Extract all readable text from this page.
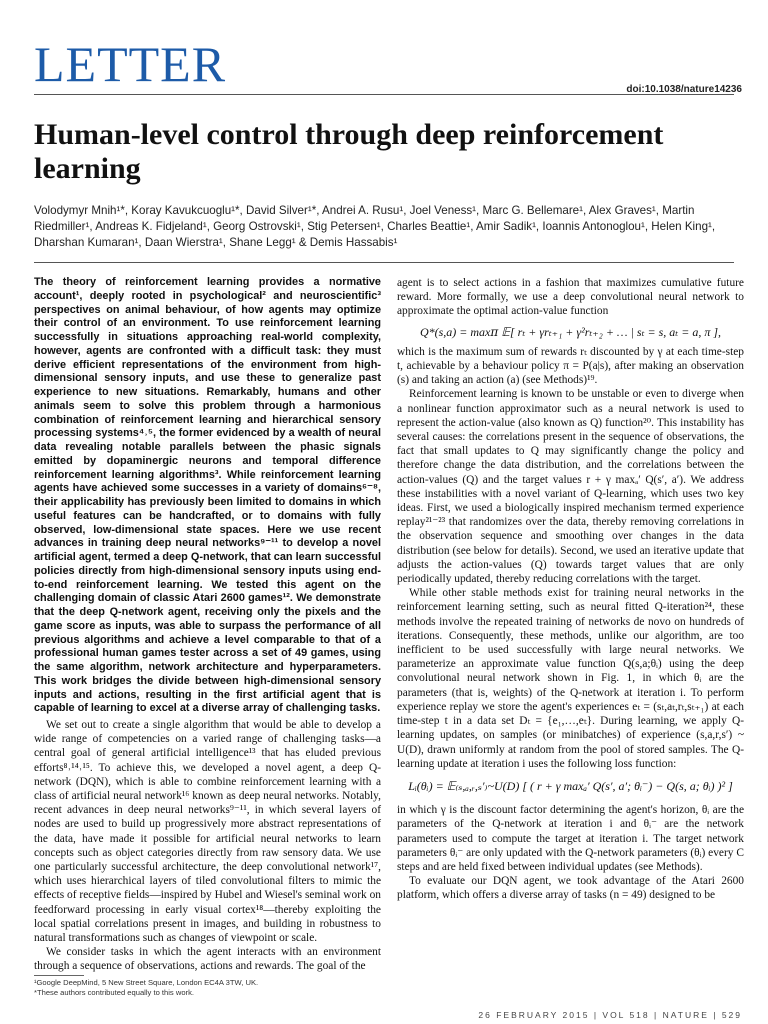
LETTER	doi:10.1038/nature14236
Human-level control through deep reinforcement learning
Volodymyr Mnih¹*, Koray Kavukcuoglu¹*, David Silver¹*, Andrei A. Rusu¹, Joel Veness¹, Marc G. Bellemare¹, Alex Graves¹, Martin Riedmiller¹, Andreas K. Fidjeland¹, Georg Ostrovski¹, Stig Petersen¹, Charles Beattie¹, Amir Sadik¹, Ioannis Antonoglou¹, Helen King¹, Dharshan Kumaran¹, Daan Wierstra¹, Shane Legg¹ & Demis Hassabis¹

The theory of reinforcement learning provides a normative account¹, deeply rooted in psychological² and neuroscientific³ perspectives on animal behaviour, of how agents may optimize their control of an environment. To use reinforcement learning successfully in situations approaching real-world complexity, however, agents are confronted with a difficult task: they must derive efficient representations of the environment from high-dimensional sensory inputs, and use these to generalize past experience to new situations. Remarkably, humans and other animals seem to solve this problem through a harmonious combination of reinforcement learning and hierarchical sensory processing systems⁴˒⁵, the former evidenced by a wealth of neural data revealing notable parallels between the phasic signals emitted by dopaminergic neurons and temporal difference reinforcement learning algorithms³. While reinforcement learning agents have achieved some successes in a variety of domains⁶⁻⁸, their applicability has previously been limited to domains in which useful features can be handcrafted, or to domains with fully observed, low-dimensional state spaces. Here we use recent advances in training deep neural networks⁹⁻¹¹ to develop a novel artificial agent, termed a deep Q-network, that can learn successful policies directly from high-dimensional sensory inputs using end-to-end reinforcement learning. We tested this agent on the challenging domain of classic Atari 2600 games¹². We demonstrate that the deep Q-network agent, receiving only the pixels and the game score as inputs, was able to surpass the performance of all previous algorithms and achieve a level comparable to that of a professional human games tester across a set of 49 games, using the same algorithm, network architecture and hyperparameters. This work bridges the divide between high-dimensional sensory inputs and actions, resulting in the first artificial agent that is capable of learning to excel at a diverse array of challenging tasks.

We set out to create a single algorithm that would be able to develop a wide range of competencies on a varied range of challenging tasks—a central goal of general artificial intelligence¹³ that has eluded previous efforts⁸˒¹⁴˒¹⁵. To achieve this, we developed a novel agent, a deep Q-network (DQN), which is able to combine reinforcement learning with a class of artificial neural network¹⁶ known as deep neural networks. Notably, recent advances in deep neural networks⁹⁻¹¹, in which several layers of nodes are used to build up progressively more abstract representations of the data, have made it possible for artificial neural networks to learn concepts such as object categories directly from raw sensory data. We use one particularly successful architecture, the deep convolutional network¹⁷, which uses hierarchical layers of tiled convolutional filters to mimic the effects of receptive fields—inspired by Hubel and Wiesel's seminal work on feedforward processing in early visual cortex¹⁸—thereby exploiting the local spatial correlations present in images, and building in robustness to natural transformations such as changes of viewpoint or scale.

We consider tasks in which the agent interacts with an environment through a sequence of observations, actions and rewards. The goal of the

agent is to select actions in a fashion that maximizes cumulative future reward. More formally, we use a deep convolutional neural network to approximate the optimal action-value function

Q*(s,a) = max𝜋 𝔼[ rₜ + γrₜ₊₁ + γ²rₜ₊₂ + … | sₜ = s, aₜ = a, π ],

which is the maximum sum of rewards rₜ discounted by γ at each time-step t, achievable by a behaviour policy π = P(a|s), after making an observation (s) and taking an action (a) (see Methods)¹⁹.

Reinforcement learning is known to be unstable or even to diverge when a nonlinear function approximator such as a neural network is used to represent the action-value (also known as Q) function²⁰. This instability has several causes: the correlations present in the sequence of observations, the fact that small updates to Q may significantly change the policy and therefore change the data distribution, and the correlations between the action-values (Q) and the target values r + γ maxₐ′ Q(s′, a′). We address these instabilities with a novel variant of Q-learning, which uses two key ideas. First, we used a biologically inspired mechanism termed experience replay²¹⁻²³ that randomizes over the data, thereby removing correlations in the observation sequence and smoothing over changes in the data distribution (see below for details). Second, we used an iterative update that adjusts the action-values (Q) towards target values that are only periodically updated, thereby reducing correlations with the target.

While other stable methods exist for training neural networks in the reinforcement learning setting, such as neural fitted Q-iteration²⁴, these methods involve the repeated training of networks de novo on hundreds of iterations. Consequently, these methods, unlike our algorithm, are too inefficient to be used successfully with large neural networks. We parameterize an approximate value function Q(s,a;θᵢ) using the deep convolutional neural network shown in Fig. 1, in which θᵢ are the parameters (that is, weights) of the Q-network at iteration i. To perform experience replay we store the agent's experiences eₜ = (sₜ,aₜ,rₜ,sₜ₊₁) at each time-step t in a data set Dₜ = {e₁,…,eₜ}. During learning, we apply Q-learning updates, on samples (or minibatches) of experience (s,a,r,s′) ~ U(D), drawn uniformly at random from the pool of stored samples. The Q-learning update at iteration i uses the following loss function:

Lᵢ(θᵢ) = 𝔼₍ₛ,ₐ,ᵣ,ₛ′₎~U(D) [ ( r + γ maxₐ′ Q(s′, a′; θᵢ⁻) − Q(s, a; θᵢ) )² ]

in which γ is the discount factor determining the agent's horizon, θᵢ are the parameters of the Q-network at iteration i and θᵢ⁻ are the network parameters used to compute the target at iteration i. The target network parameters θᵢ⁻ are only updated with the Q-network parameters (θᵢ) every C steps and are held fixed between individual updates (see Methods).

To evaluate our DQN agent, we took advantage of the Atari 2600 platform, which offers a diverse array of tasks (n = 49) designed to be

¹Google DeepMind, 5 New Street Square, London EC4A 3TW, UK.
*These authors contributed equally to this work.
26 FEBRUARY 2015 | VOL 518 | NATURE | 529
